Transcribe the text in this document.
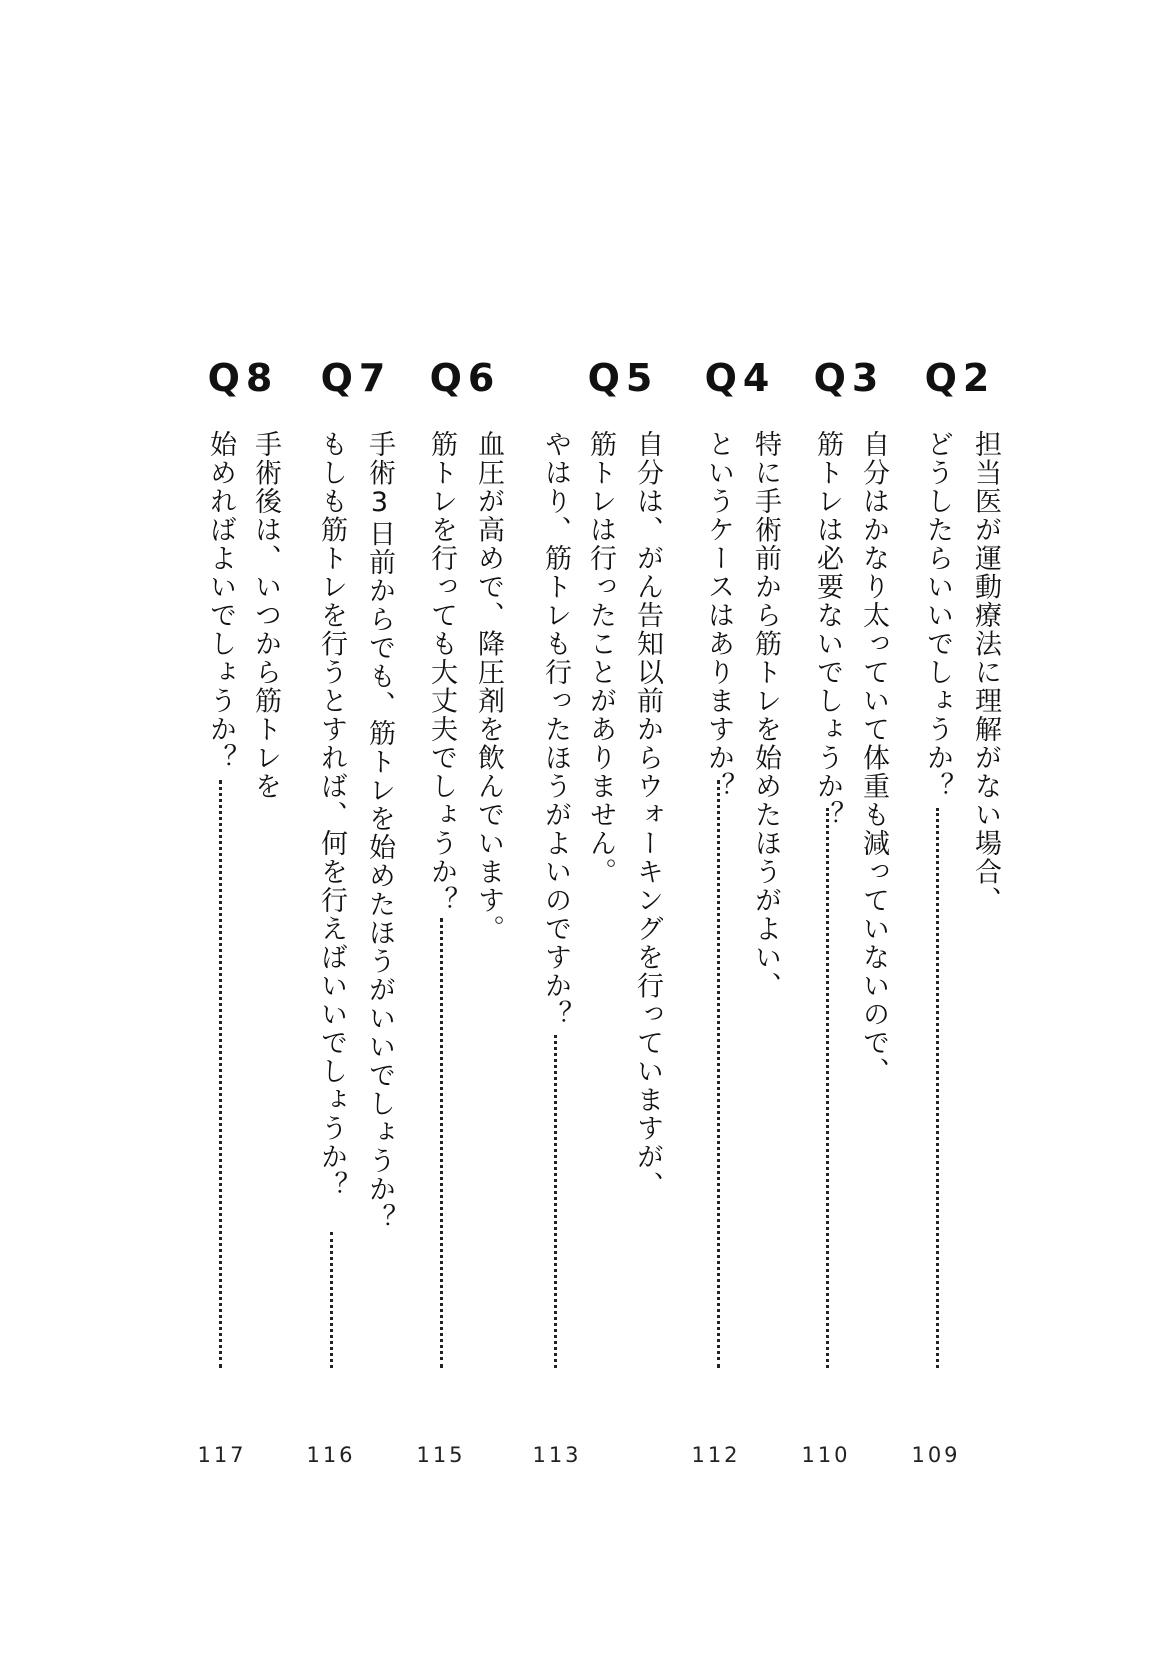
Q2
担当医が運動療法に理解がない場合、
どうしたらいいでしょうか？
109
Q3
自分はかなり太っていて体重も減っていないので、
筋トレは必要ないでしょうか？
110
Q4
特に手術前から筋トレを始めたほうがよい、
というケースはありますか？
112
Q5
自分は、がん告知以前からウォーキングを行っていますが、
筋トレは行ったことがありません。
やはり、筋トレも行ったほうがよいのですか？
113
Q6
血圧が高めで、降圧剤を飲んでいます。
筋トレを行っても大丈夫でしょうか？
115
Q7
手術3日前からでも、筋トレを始めたほうがいいでしょうか？
もしも筋トレを行うとすれば、何を行えばいいでしょうか？
116
Q8
手術後は、いつから筋トレを
始めればよいでしょうか？
117
